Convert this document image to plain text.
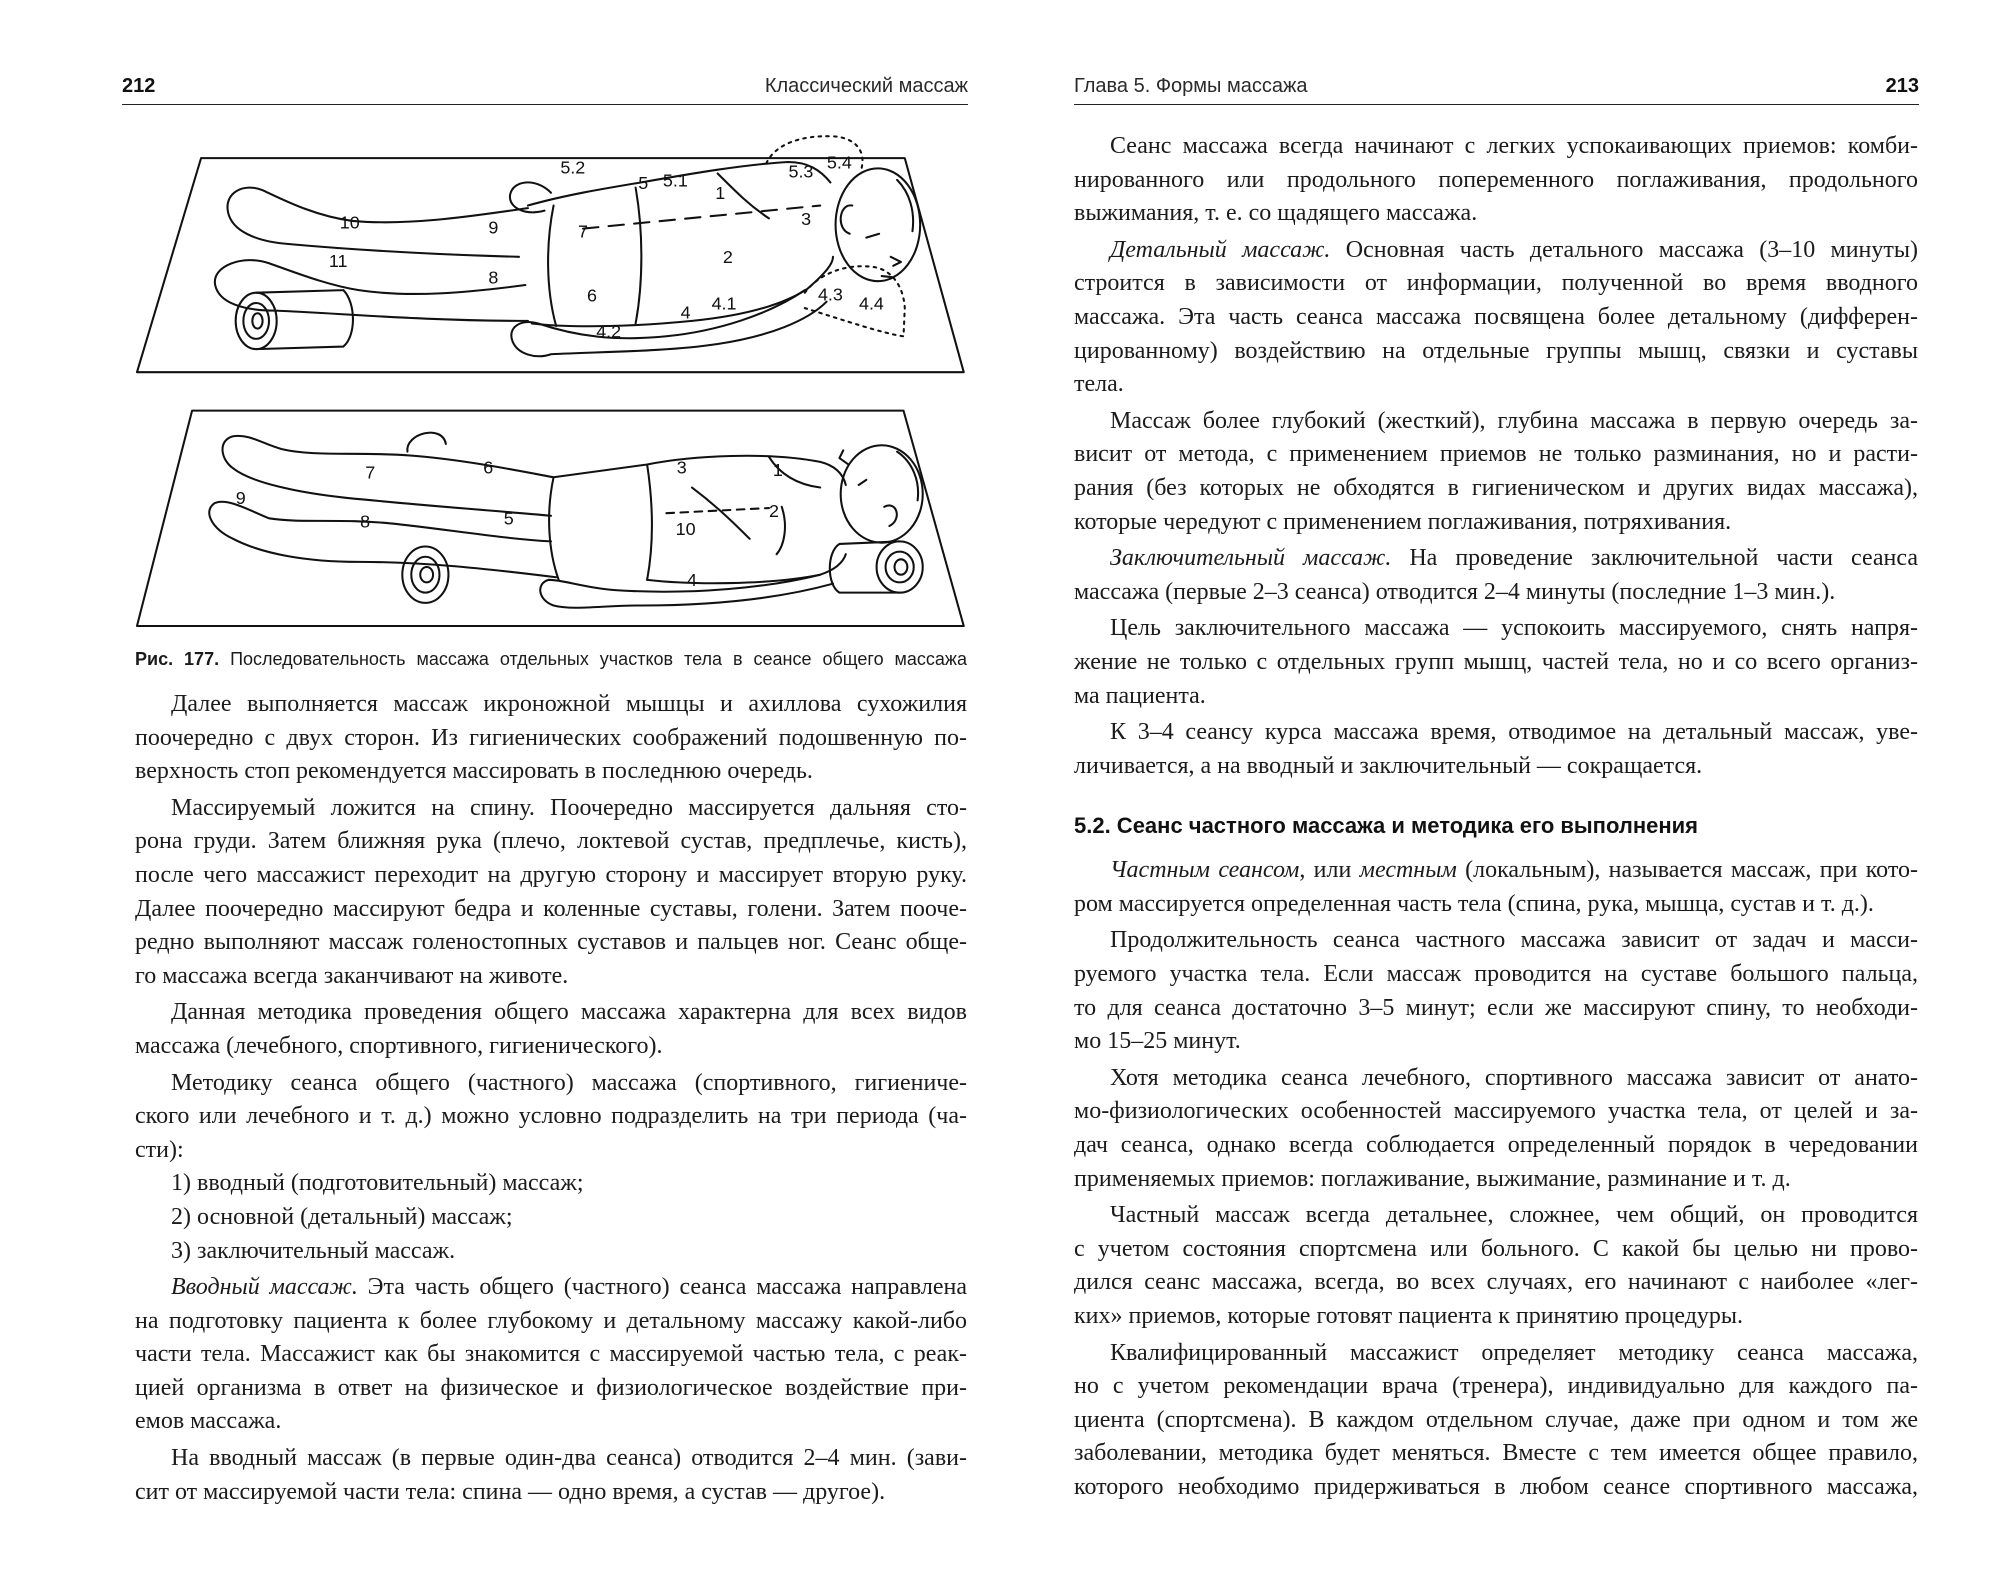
212	Классический массаж	Глава 5. Формы массажа	213
5.2
5 5.1
1
5.3 5.4
3
10	9	7
2
11
8
6
4 4.1	4.3 4.4
4.2
7	6	3	1
9
8	5
10
2
4
Рис. 177. Последовательность массажа отдельных участков тела в сеансе общего массажа
Далее выполняется массаж икроножной мышцы и ахиллова сухожилия
поочередно с двух сторон. Из гигиенических соображений подошвенную по-
верхность стоп рекомендуется массировать в последнюю очередь.
Массируемый ложится на спину. Поочередно массируется дальняя сто-
рона груди. Затем ближняя рука (плечо, локтевой сустав, предплечье, кисть),
после чего массажист переходит на другую сторону и массирует вторую руку.
Далее поочередно массируют бедра и коленные суставы, голени. Затем пооче-
редно выполняют массаж голеностопных суставов и пальцев ног. Сеанс обще-
го массажа всегда заканчивают на животе.
Данная методика проведения общего массажа характерна для всех видов
массажа (лечебного, спортивного, гигиенического).
Методику сеанса общего (частного) массажа (спортивного, гигиениче-
ского или лечебного и т. д.) можно условно подразделить на три периода (ча-
сти):
1) вводный (подготовительный) массаж;
2) основной (детальный) массаж;
3) заключительный массаж.
Вводный массаж. Эта часть общего (частного) сеанса массажа направлена
на подготовку пациента к более глубокому и детальному массажу какой-либо
части тела. Массажист как бы знакомится с массируемой частью тела, с реак-
цией организма в ответ на физическое и физиологическое воздействие при-
емов массажа.
На вводный массаж (в первые один-два сеанса) отводится 2–4 мин. (зави-
сит от массируемой части тела: спина — одно время, а сустав — другое).
Сеанс массажа всегда начинают с легких успокаивающих приемов: комби-
нированного или продольного попеременного поглаживания, продольного
выжимания, т. е. со щадящего массажа.
Детальный массаж. Основная часть детального массажа (3–10 минуты)
строится в зависимости от информации, полученной во время вводного
массажа. Эта часть сеанса массажа посвящена более детальному (дифферен-
цированному) воздействию на отдельные группы мышц, связки и суставы
тела.
Массаж более глубокий (жесткий), глубина массажа в первую очередь за-
висит от метода, с применением приемов не только разминания, но и расти-
рания (без которых не обходятся в гигиеническом и других видах массажа),
которые чередуют с применением поглаживания, потряхивания.
Заключительный массаж. На проведение заключительной части сеанса
массажа (первые 2–3 сеанса) отводится 2–4 минуты (последние 1–3 мин.).
Цель заключительного массажа — успокоить массируемого, снять напря-
жение не только с отдельных групп мышц, частей тела, но и со всего организ-
ма пациента.
К 3–4 сеансу курса массажа время, отводимое на детальный массаж, уве-
личивается, а на вводный и заключительный — сокращается.
5.2. Сеанс частного массажа и методика его выполнения
Частным сеансом, или местным (локальным), называется массаж, при кото-
ром массируется определенная часть тела (спина, рука, мышца, сустав и т. д.).
Продолжительность сеанса частного массажа зависит от задач и масси-
руемого участка тела. Если массаж проводится на суставе большого пальца,
то для сеанса достаточно 3–5 минут; если же массируют спину, то необходи-
мо 15–25 минут.
Хотя методика сеанса лечебного, спортивного массажа зависит от анато-
мо-физиологических особенностей массируемого участка тела, от целей и за-
дач сеанса, однако всегда соблюдается определенный порядок в чередовании
применяемых приемов: поглаживание, выжимание, разминание и т. д.
Частный массаж всегда детальнее, сложнее, чем общий, он проводится
с учетом состояния спортсмена или больного. С какой бы целью ни прово-
дился сеанс массажа, всегда, во всех случаях, его начинают с наиболее «лег-
ких» приемов, которые готовят пациента к принятию процедуры.
Квалифицированный массажист определяет методику сеанса массажа,
но с учетом рекомендации врача (тренера), индивидуально для каждого па-
циента (спортсмена). В каждом отдельном случае, даже при одном и том же
заболевании, методика будет меняться. Вместе с тем имеется общее правило,
которого необходимо придерживаться в любом сеансе спортивного массажа,
